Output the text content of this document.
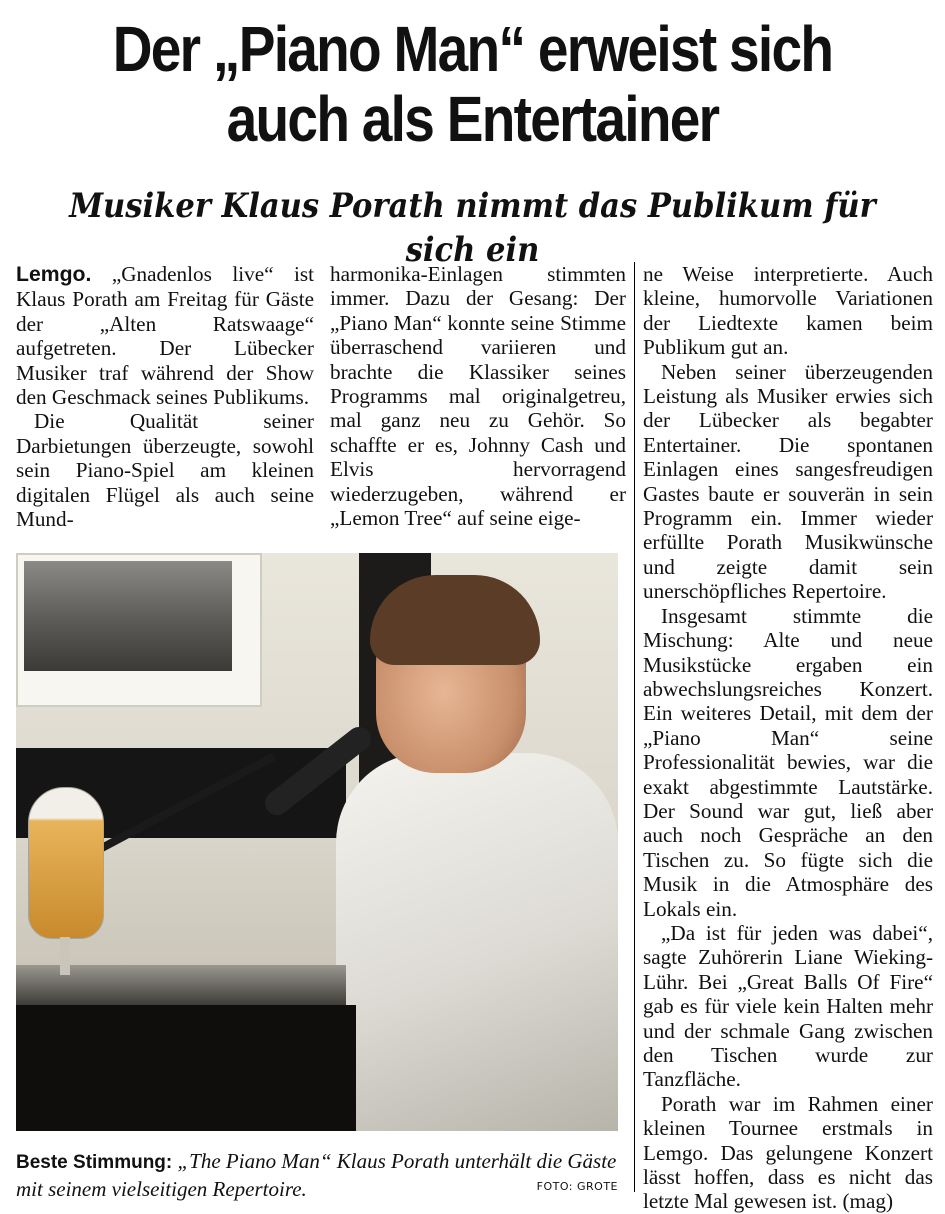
Der „Piano Man“ erweist sich
auch als Entertainer
Musiker Klaus Porath nimmt das Publikum für sich ein

Lemgo. „Gnadenlos live“ ist Klaus Porath am Freitag für Gäste der „Alten Ratswaage“ aufgetreten. Der Lübecker Musiker traf während der Show den Geschmack seines Publikums.

Die Qualität seiner Darbietungen überzeugte, sowohl sein Piano-Spiel am kleinen digitalen Flügel als auch seine Mund-

harmonika-Einlagen stimmten immer. Dazu der Gesang: Der „Piano Man“ konnte seine Stimme überraschend variieren und brachte die Klassiker seines Programms mal originalgetreu, mal ganz neu zu Gehör. So schaffte er es, Johnny Cash und Elvis hervorragend wiederzugeben, während er „Lemon Tree“ auf seine eige-

ne Weise interpretierte. Auch kleine, humorvolle Variationen der Liedtexte kamen beim Publikum gut an.

Neben seiner überzeugenden Leistung als Musiker erwies sich der Lübecker als begabter Entertainer. Die spontanen Einlagen eines sangesfreudigen Gastes baute er souverän in sein Programm ein. Immer wieder erfüllte Porath Musikwünsche und zeigte damit sein unerschöpfliches Repertoire.

Insgesamt stimmte die Mischung: Alte und neue Musikstücke ergaben ein abwechslungsreiches Konzert. Ein weiteres Detail, mit dem der „Piano Man“ seine Professionalität bewies, war die exakt abgestimmte Lautstärke. Der Sound war gut, ließ aber auch noch Gespräche an den Tischen zu. So fügte sich die Musik in die Atmosphäre des Lokals ein.

„Da ist für jeden was dabei“, sagte Zuhörerin Liane Wieking-Lühr. Bei „Great Balls Of Fire“ gab es für viele kein Halten mehr und der schmale Gang zwischen den Tischen wurde zur Tanzfläche.

Porath war im Rahmen einer kleinen Tournee erstmals in Lemgo. Das gelungene Konzert lässt hoffen, dass es nicht das letzte Mal gewesen ist. (mag)

Beste Stimmung: „The Piano Man“ Klaus Porath unterhält die Gäste mit seinem vielseitigen Repertoire.	FOTO: GROTE
